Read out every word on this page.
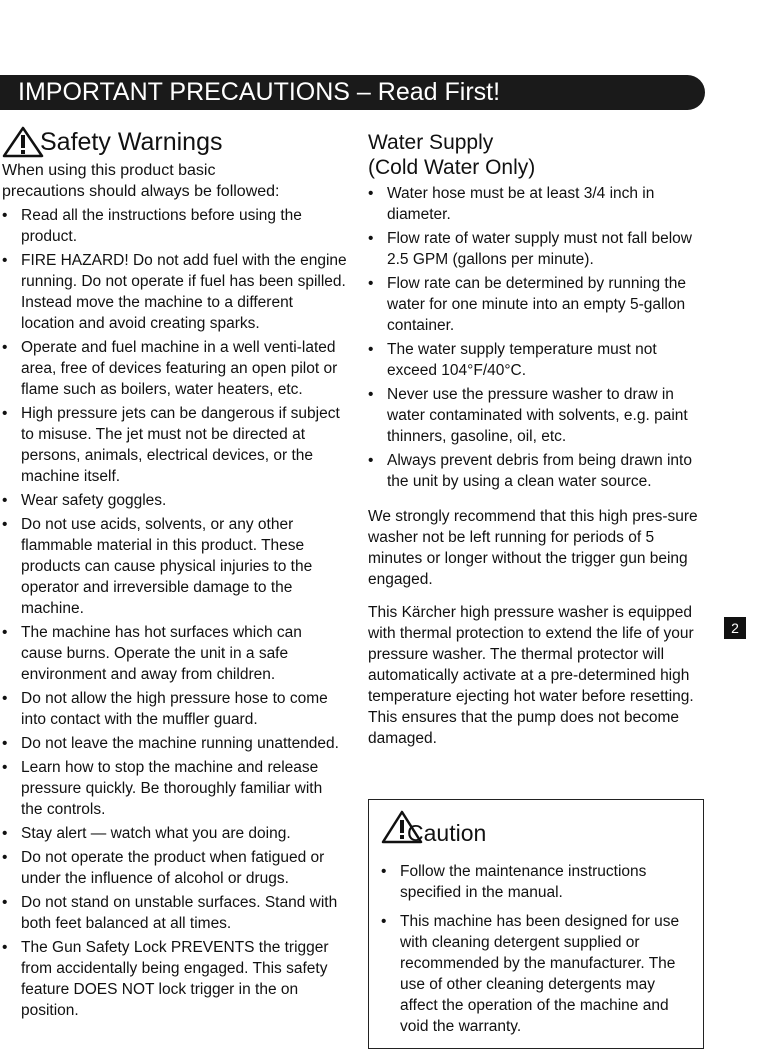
IMPORTANT PRECAUTIONS – Read First!
Safety Warnings
When using this product basic
precautions should always be followed:
• Read all the instructions before using the product.
• FIRE HAZARD! Do not add fuel with the engine running. Do not operate if fuel has been spilled. Instead move the machine to a different location and avoid creating sparks.
• Operate and fuel machine in a well venti-lated area, free of devices featuring an open pilot or flame such as boilers, water heaters, etc.
• High pressure jets can be dangerous if subject to misuse. The jet must not be directed at persons, animals, electrical devices, or the machine itself.
• Wear safety goggles.
• Do not use acids, solvents, or any other flammable material in this product. These products can cause physical injuries to the operator and irreversible damage to the machine.
• The machine has hot surfaces which can cause burns. Operate the unit in a safe environment and away from children.
• Do not allow the high pressure hose to come into contact with the muffler guard.
• Do not leave the machine running unattended.
• Learn how to stop the machine and release pressure quickly. Be thoroughly familiar with the controls.
• Stay alert — watch what you are doing.
• Do not operate the product when fatigued or under the influence of alcohol or drugs.
• Do not stand on unstable surfaces. Stand with both feet balanced at all times.
• The Gun Safety Lock PREVENTS the trigger from accidentally being engaged. This safety feature DOES NOT lock trigger in the on position.
Water Supply
(Cold Water Only)
• Water hose must be at least 3/4 inch in diameter.
• Flow rate of water supply must not fall below 2.5 GPM (gallons per minute).
• Flow rate can be determined by running the water for one minute into an empty 5-gallon container.
• The water supply temperature must not exceed 104°F/40°C.
• Never use the pressure washer to draw in water contaminated with solvents, e.g. paint thinners, gasoline, oil, etc.
• Always prevent debris from being drawn into the unit by using a clean water source.

We strongly recommend that this high pres-sure washer not be left running for periods of 5 minutes or longer without the trigger gun being engaged.

This Kärcher high pressure washer is equipped with thermal protection to extend the life of your pressure washer. The thermal protector will automatically activate at a pre-determined high temperature ejecting hot water before resetting. This ensures that the pump does not become damaged.

2
Caution
• Follow the maintenance instructions specified in the manual.
• This machine has been designed for use with cleaning detergent supplied or recommended by the manufacturer. The use of other cleaning detergents may affect the operation of the machine and void the warranty.
